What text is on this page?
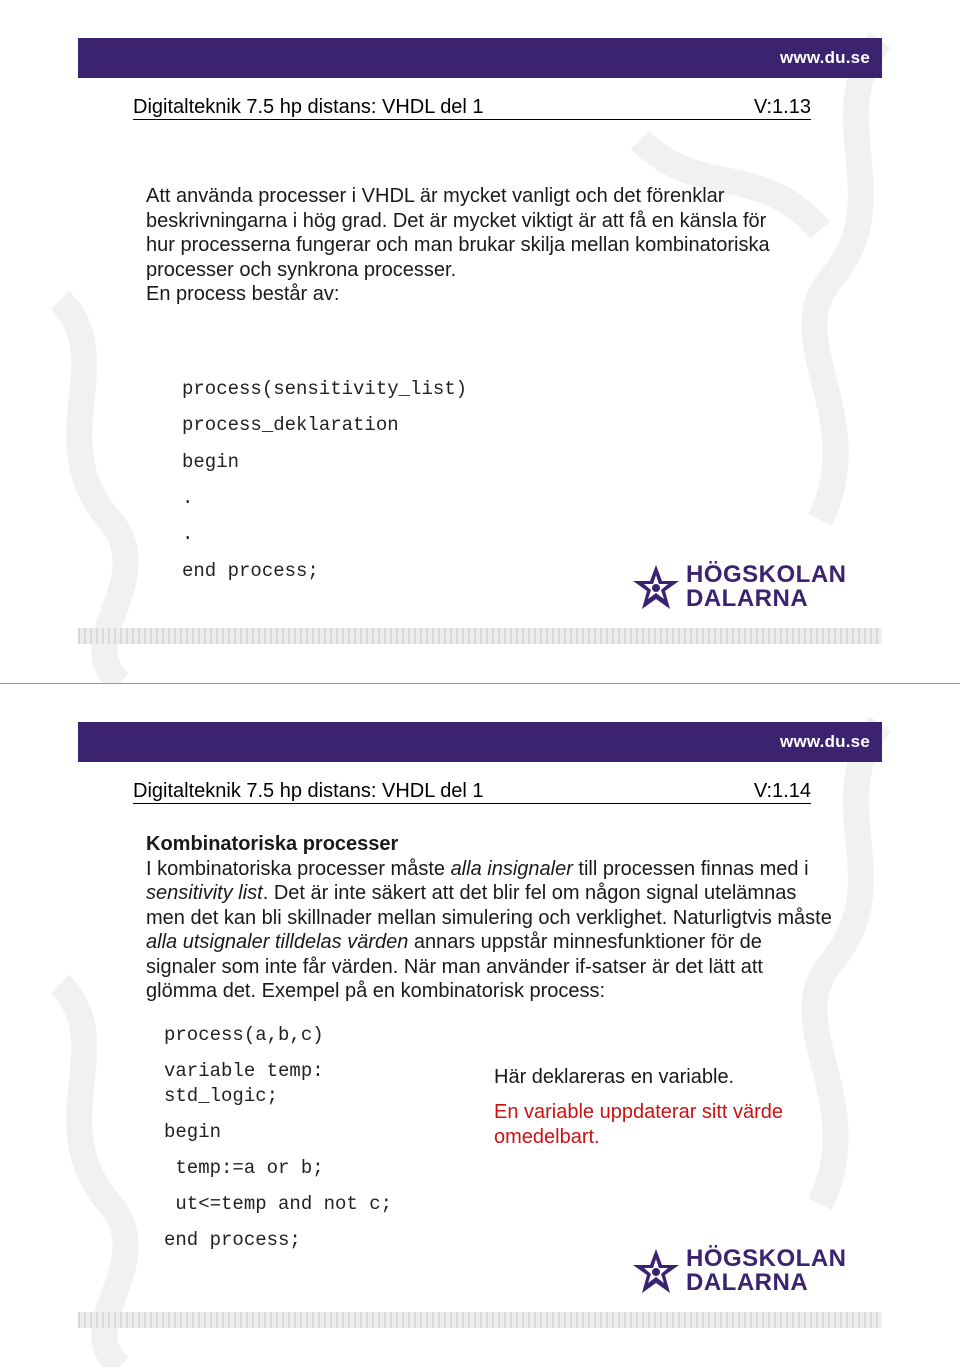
www.du.se
Digitalteknik 7.5 hp distans: VHDL del 1	V:1.13
Att använda processer i VHDL är mycket vanligt och det förenklar
beskrivningarna i hög grad. Det är mycket viktigt är att få en känsla för
hur processerna fungerar och man brukar skilja mellan kombinatoriska
processer och synkrona processer.
En process består av:
process(sensitivity_list)
process_deklaration
begin
.
.
end process;	HÖGSKOLAN
DALARNA
www.du.se
Digitalteknik 7.5 hp distans: VHDL del 1	V:1.14
Kombinatoriska processer
I kombinatoriska processer måste alla insignaler till processen finnas med i
sensitivity list. Det är inte säkert att det blir fel om någon signal utelämnas
men det kan bli skillnader mellan simulering och verklighet. Naturligtvis måste
alla utsignaler tilldelas värden annars uppstår minnesfunktioner för de
signaler som inte får värden. När man använder if-satser är det lätt att
glömma det. Exempel på en kombinatorisk process:
process(a,b,c)
variable temp:
std_logic;
begin
temp:=a or b;
ut<=temp and not c;
end process;
Här deklareras en variable.
En variable uppdaterar sitt värde
omedelbart.
HÖGSKOLAN
DALARNA
